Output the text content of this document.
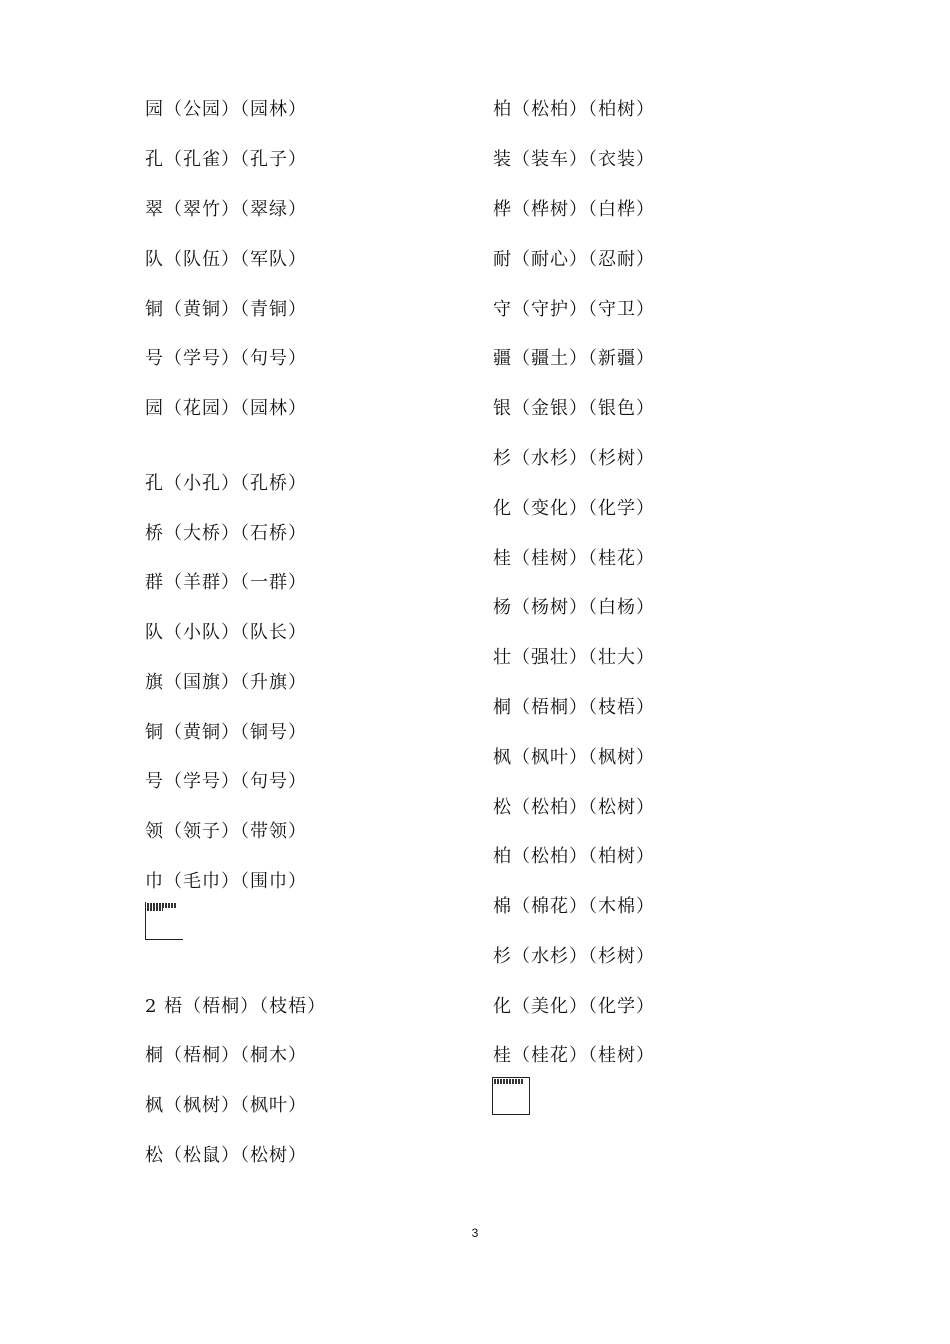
园（公园）（园林）
孔（孔雀）（孔子）
翠（翠竹）（翠绿）
队（队伍）（军队）
铜（黄铜）（青铜）
号（学号）（句号）
园（花园）（园林）
孔（小孔）（孔桥）
桥（大桥）（石桥）
群（羊群）（一群）
队（小队）（队长）
旗（国旗）（升旗）
铜（黄铜）（铜号）
号（学号）（句号）
领（领子）（带领）
巾（毛巾）（围巾）
2 梧（梧桐）（枝梧）
桐（梧桐）（桐木）
枫（枫树）（枫叶）
松（松鼠）（松树）
柏（松柏）（柏树）
装（装车）（衣装）
桦（桦树）（白桦）
耐（耐心）（忍耐）
守（守护）（守卫）
疆（疆土）（新疆）
银（金银）（银色）
杉（水杉）（杉树）
化（变化）（化学）
桂（桂树）（桂花）
杨（杨树）（白杨）
壮（强壮）（壮大）
桐（梧桐）（枝梧）
枫（枫叶）（枫树）
松（松柏）（松树）
柏（松柏）（柏树）
棉（棉花）（木棉）
杉（水杉）（杉树）
化（美化）（化学）
桂（桂花）（桂树）
3
